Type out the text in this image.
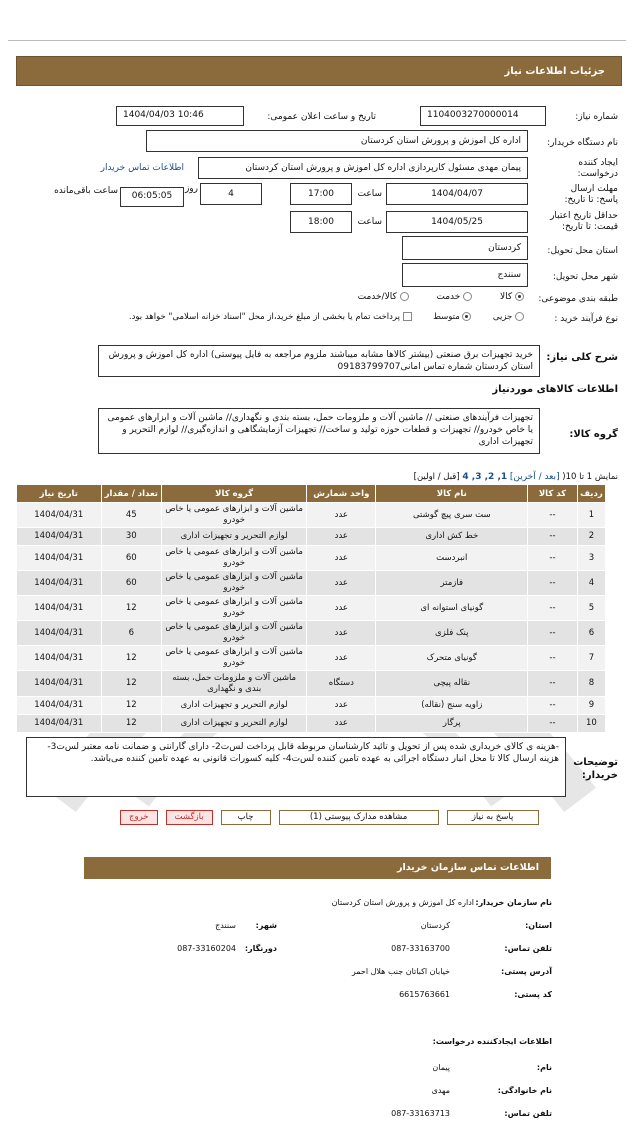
جزئیات اطلاعات نیاز
شماره نیاز:
1104003270000014
تاریخ و ساعت اعلان عمومی:
1404/04/03 10:46
نام دستگاه خریدار:
اداره کل اموزش و پرورش استان کردستان
ایجاد کننده درخواست:
پیمان مهدی مسئول کارپردازی اداره کل اموزش و پرورش استان کردستان
اطلاعات تماس خریدار
مهلت ارسال پاسخ: تا تاریخ:
1404/04/07
ساعت
17:00
4
روز
06:05:05
ساعت باقی‌مانده
حداقل تاریخ اعتبار قیمت: تا تاریخ:
1404/05/25
ساعت
18:00
استان محل تحویل:
کردستان
شهر محل تحویل:
سنندج
طبقه بندی موضوعی:
کالا   خدمت   کالا/خدمت
نوع فرآیند خرید :
جزیی   متوسط   پرداخت تمام یا بخشی از مبلغ خرید،از محل "اسناد خزانه اسلامی" خواهد بود.
شرح کلی نیاز:
خرید تجهیزات برق صنعتی (بیشتر کالاها مشابه میباشند ملزوم مراجعه به فایل پیوستی) اداره کل اموزش و پرورش استان کردستان شماره تماس امانی09183799707
اطلاعات کالاهای موردنیاز
گروه کالا:
تجهیزات فرآیندهای صنعتی // ماشین آلات و ملزومات حمل، بسته بندی و نگهداری// ماشین آلات و ابزارهای عمومی یا خاص خودرو// تجهیزات و قطعات حوزه تولید و ساخت// تجهیزات آزمایشگاهی و اندازه‌گیری// لوازم التحریر و تجهیزات اداری
نمایش 1 تا 10( [بعد / آخرین] 1, 2, 3, 4 [قبل / اولین]
ردیف	کد کالا	نام کالا	واحد شمارش	گروه کالا	تعداد / مقدار	تاریخ نیاز
1	--	ست سری پیچ گوشتی	عدد	ماشین آلات و ابزارهای عمومی یا خاص خودرو	45	1404/04/31
2	--	خط کش اداری	عدد	لوازم التحریر و تجهیزات اداری	30	1404/04/31
3	--	انبردست	عدد	ماشین آلات و ابزارهای عمومی یا خاص خودرو	60	1404/04/31
4	--	فازمتر	عدد	ماشین آلات و ابزارهای عمومی یا خاص خودرو	60	1404/04/31
5	--	گونیای استوانه ای	عدد	ماشین آلات و ابزارهای عمومی یا خاص خودرو	12	1404/04/31
6	--	پنک فلزی	عدد	ماشین آلات و ابزارهای عمومی یا خاص خودرو	6	1404/04/31
7	--	گونیای متحرک	عدد	ماشین آلات و ابزارهای عمومی یا خاص خودرو	12	1404/04/31
8	--	نقاله پیچی	دستگاه	ماشین آلات و ملزومات حمل، بسته بندی و نگهداری	12	1404/04/31
9	--	زاویه سنج (نقاله)	عدد	لوازم التحریر و تجهیزات اداری	12	1404/04/31
10	--	پرگار	عدد	لوازم التحریر و تجهیزات اداری	12	1404/04/31
توضیحات خریدار:
-هزینه ی کالای خریداری شده پس از تحویل و تائید کارشناسان مربوطه قابل پرداخت لس‌ت2- دارای گارانتی و ضمانت نامه معتبر لس‌ت3- هزینه ارسال کالا تا محل انبار دستگاه اجرائی به عهده تامین کننده لس‌ت4- کلیه کسورات قانونی به عهده تامین کننده می‌باشد.
خروج	بازگشت	چاپ	مشاهده مدارک پیوستی (1)	پاسخ به نیاز
اطلاعات تماس سازمان خریدار
نام سازمان خریدار:
اداره کل اموزش و پرورش استان کردستان
استان:
کردستان
شهر:
سنندج
تلفن تماس:
087-33163700
دورنگار:
087-33160204
آدرس پستی:
خیابان اکباتان جنب هلال احمر
کد پستی:
6615763661
اطلاعات ایجادکننده درخواست:
نام:
پیمان
نام خانوادگی:
مهدی
تلفن تماس:
087-33163713
